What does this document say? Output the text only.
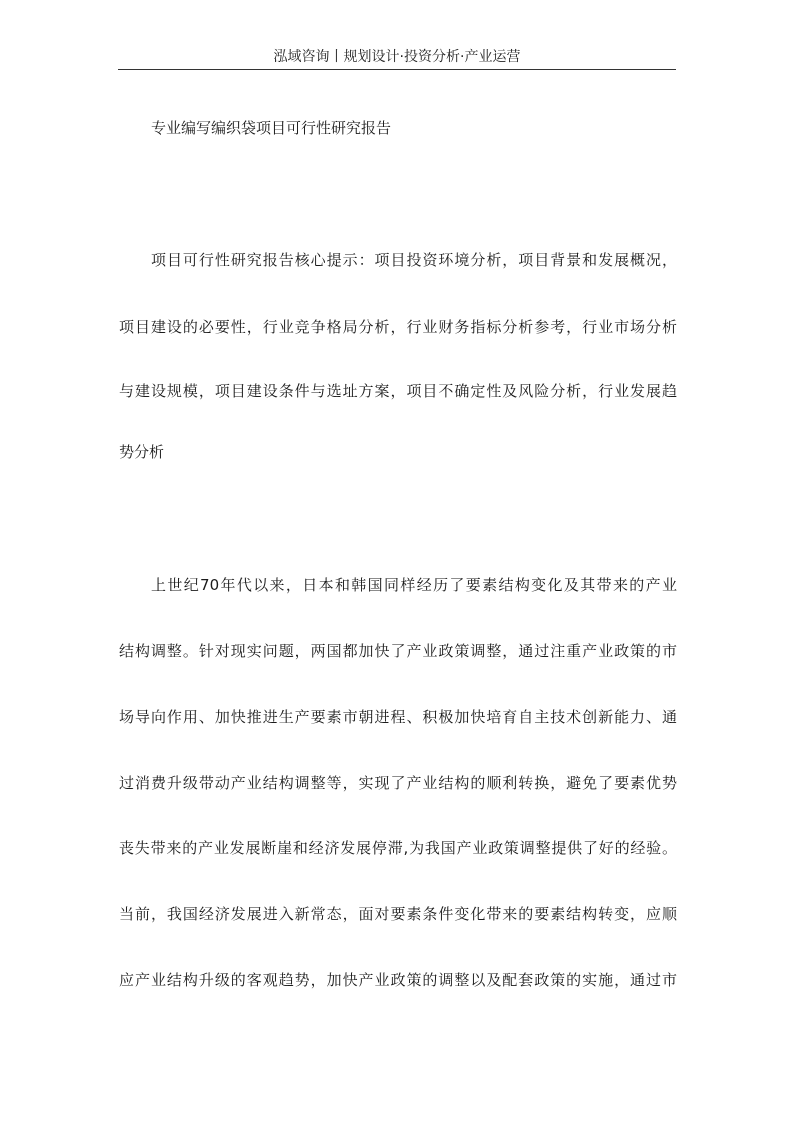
泓域咨询丨规划设计·投资分析·产业运营
专业编写编织袋项目可行性研究报告
项目可行性研究报告核心提示：项目投资环境分析，项目背景和发展概况，
项目建设的必要性，行业竞争格局分析，行业财务指标分析参考，行业市场分析
与建设规模，项目建设条件与选址方案，项目不确定性及风险分析，行业发展趋
势分析
上世纪70年代以来，日本和韩国同样经历了要素结构变化及其带来的产业
结构调整。针对现实问题，两国都加快了产业政策调整，通过注重产业政策的市
场导向作用、加快推进生产要素市朝进程、积极加快培育自主技术创新能力、通
过消费升级带动产业结构调整等，实现了产业结构的顺利转换，避免了要素优势
丧失带来的产业发展断崖和经济发展停滞,为我国产业政策调整提供了好的经验。
当前，我国经济发展进入新常态，面对要素条件变化带来的要素结构转变，应顺
应产业结构升级的客观趋势，加快产业政策的调整以及配套政策的实施，通过市
